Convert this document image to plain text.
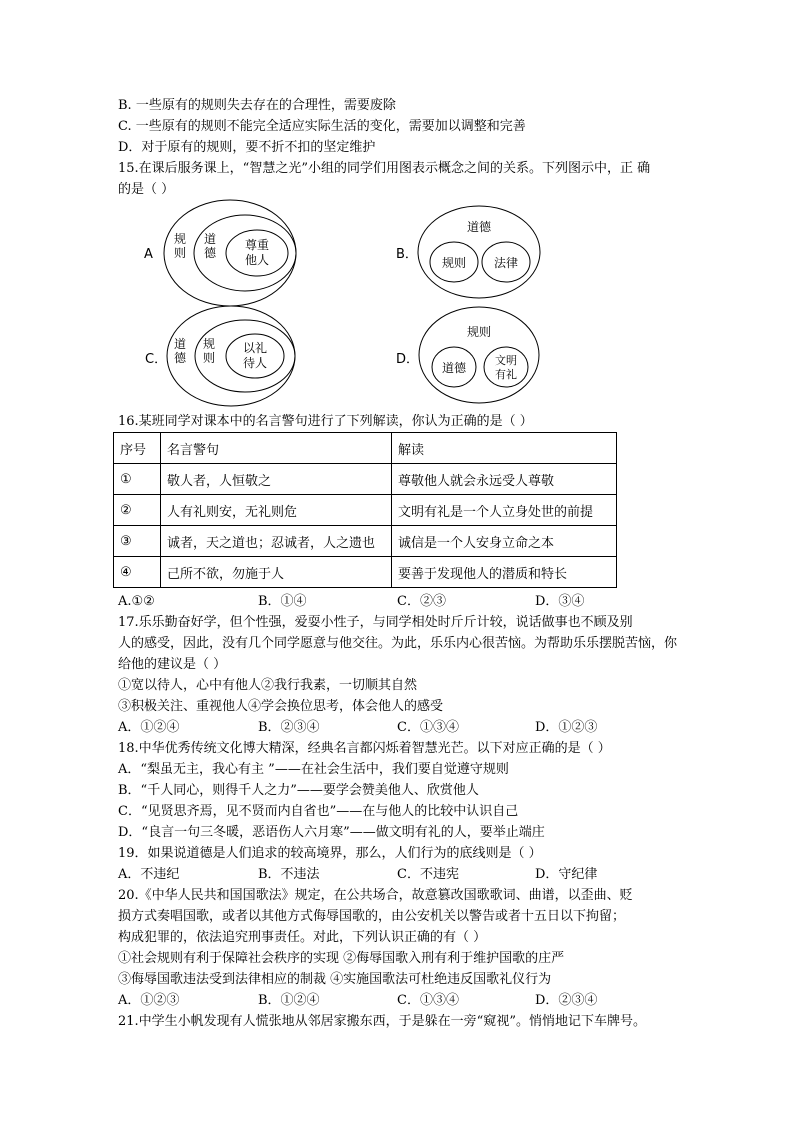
B. 一些原有的规则失去存在的合理性，需要废除
C. 一些原有的规则不能完全适应实际生活的变化，需要加以调整和完善
D．对于原有的规则，要不折不扣的坚定维护
15.在课后服务课上，“智慧之光”小组的同学们用图表示概念之间的关系。下列图示中，正 确
的是（ ）
A
规
则
道
德
尊重
他人	B．
道德
规则 法律
C．
道
德
规
则
以礼
待人	D．
规则
道德
文明
有礼
16.某班同学对课本中的名言警句进行了下列解读，你认为正确的是（ ）
序号	名言警句	解读
①	敬人者，人恒敬之	尊敬他人就会永远受人尊敬
②	人有礼则安，无礼则危	文明有礼是一个人立身处世的前提
③	诚者，天之道也；忍诚者，人之遗也	诚信是一个人安身立命之本
④	己所不欲，勿施于人	要善于发现他人的潜质和特长
A.①②	B．①④	C．②③	D．③④
17.乐乐勤奋好学，但个性强，爱耍小性子，与同学相处时斤斤计较，说话做事也不顾及别
人的感受，因此，没有几个同学愿意与他交往。为此，乐乐内心很苦恼。为帮助乐乐摆脱苦恼，你
给他的建议是（ ）
①宽以待人，心中有他人②我行我素，一切顺其自然
③积极关注、重视他人④学会换位思考，体会他人的感受
A．①②④	B．②③④	C．①③④	D．①②③
18.中华优秀传统文化博大精深，经典名言都闪烁着智慧光芒。以下对应正确的是（ ）
A．“梨虽无主，我心有主 ”——在社会生活中，我们要自觉遵守规则
B．“千人同心，则得千人之力”——要学会赞美他人、欣赏他人
C．“见贤思齐焉，见不贤而内自省也”——在与他人的比较中认识自己
D．“良言一句三冬暖，恶语伤人六月寒”——做文明有礼的人，要举止端庄
19．如果说道德是人们追求的较高境界，那么，人们行为的底线则是（ ）
A．不违纪	B．不违法	C．不违宪	D．守纪律
20.《中华人民共和国国歌法》规定，在公共场合，故意篡改国歌歌词、曲谱，以歪曲、贬
损方式奏唱国歌，或者以其他方式侮辱国歌的，由公安机关以警告或者十五日以下拘留；
构成犯罪的，依法追究刑事责任。对此，下列认识正确的有（ ）
①社会规则有利于保障社会秩序的实现 ②侮辱国歌入刑有利于维护国歌的庄严
③侮辱国歌违法受到法律相应的制裁 ④实施国歌法可杜绝违反国歌礼仪行为
A．①②③	B．①②④	C．①③④	D．②③④
21.中学生小帆发现有人慌张地从邻居家搬东西，于是躲在一旁“窥视”。悄悄地记下车牌号。
